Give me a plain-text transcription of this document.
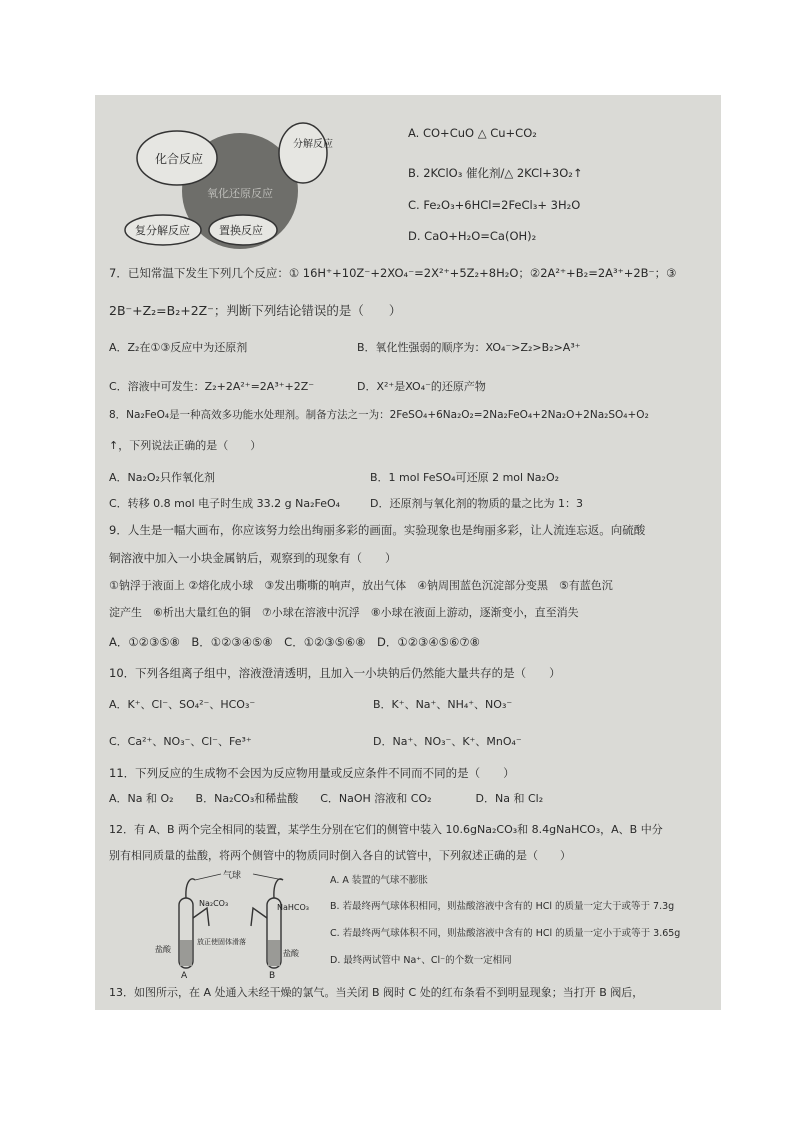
化合反应
分解反应
氧化还原反应
复分解反应	置换反应
A. CO+CuO △ Cu+CO₂
B. 2KClO₃ 催化剂/△ 2KCl+3O₂↑
C. Fe₂O₃+6HCl=2FeCl₃+ 3H₂O
D. CaO+H₂O=Ca(OH)₂
7．已知常温下发生下列几个反应：① 16H⁺+10Z⁻+2XO₄⁻=2X²⁺+5Z₂+8H₂O；②2A²⁺+B₂=2A³⁺+2B⁻；③
2B⁻+Z₂=B₂+2Z⁻；判断下列结论错误的是（　　）
A．Z₂在①③反应中为还原剂	B．氧化性强弱的顺序为：XO₄⁻>Z₂>B₂>A³⁺
C．溶液中可发生：Z₂+2A²⁺=2A³⁺+2Z⁻	D．X²⁺是XO₄⁻的还原产物
8．Na₂FeO₄是一种高效多功能水处理剂。制备方法之一为：2FeSO₄+6Na₂O₂=2Na₂FeO₄+2Na₂O+2Na₂SO₄+O₂
↑，下列说法正确的是（　　）
A．Na₂O₂只作氧化剂	B．1 mol FeSO₄可还原 2 mol Na₂O₂
C．转移 0.8 mol 电子时生成 33.2 g Na₂FeO₄	D．还原剂与氧化剂的物质的量之比为 1：3
9．人生是一幅大画布，你应该努力绘出绚丽多彩的画面。实验现象也是绚丽多彩，让人流连忘返。向硫酸
铜溶液中加入一小块金属钠后，观察到的现象有（　　）
①钠浮于液面上 ②熔化成小球　③发出嘶嘶的响声，放出气体　④钠周围蓝色沉淀部分变黑　⑤有蓝色沉
淀产生　⑥析出大量红色的铜　⑦小球在溶液中沉浮　⑧小球在液面上游动，逐渐变小，直至消失
A．①②③⑤⑧　B．①②③④⑤⑧　C．①②③⑤⑥⑧　D．①②③④⑤⑥⑦⑧
10．下列各组离子组中，溶液澄清透明，且加入一小块钠后仍然能大量共存的是（　　）
A．K⁺、Cl⁻、SO₄²⁻、HCO₃⁻	B．K⁺、Na⁺、NH₄⁺、NO₃⁻
C．Ca²⁺、NO₃⁻、Cl⁻、Fe³⁺	D．Na⁺、NO₃⁻、K⁺、MnO₄⁻
11．下列反应的生成物不会因为反应物用量或反应条件不同而不同的是（　　）
A．Na 和 O₂　　B．Na₂CO₃和稀盐酸　　C．NaOH 溶液和 CO₂　　　　D．Na 和 Cl₂
12．有 A、B 两个完全相同的装置，某学生分别在它们的侧管中装入 10.6gNa₂CO₃和 8.4gNaHCO₃，A、B 中分
别有相同质量的盐酸，将两个侧管中的物质同时倒入各自的试管中，下列叙述正确的是（　　）
气球
Na₂CO₃	NaHCO₃
盐酸	盐酸
放正使固体滑落
A	B
A. A 装置的气球不膨胀
B. 若最终两气球体积相同，则盐酸溶液中含有的 HCl 的质量一定大于或等于 7.3g
C. 若最终两气球体积不同，则盐酸溶液中含有的 HCl 的质量一定小于或等于 3.65g
D. 最终两试管中 Na⁺、Cl⁻的个数一定相同
13．如图所示，在 A 处通入未经干燥的氯气。当关闭 B 阀时 C 处的红布条看不到明显现象；当打开 B 阀后，
